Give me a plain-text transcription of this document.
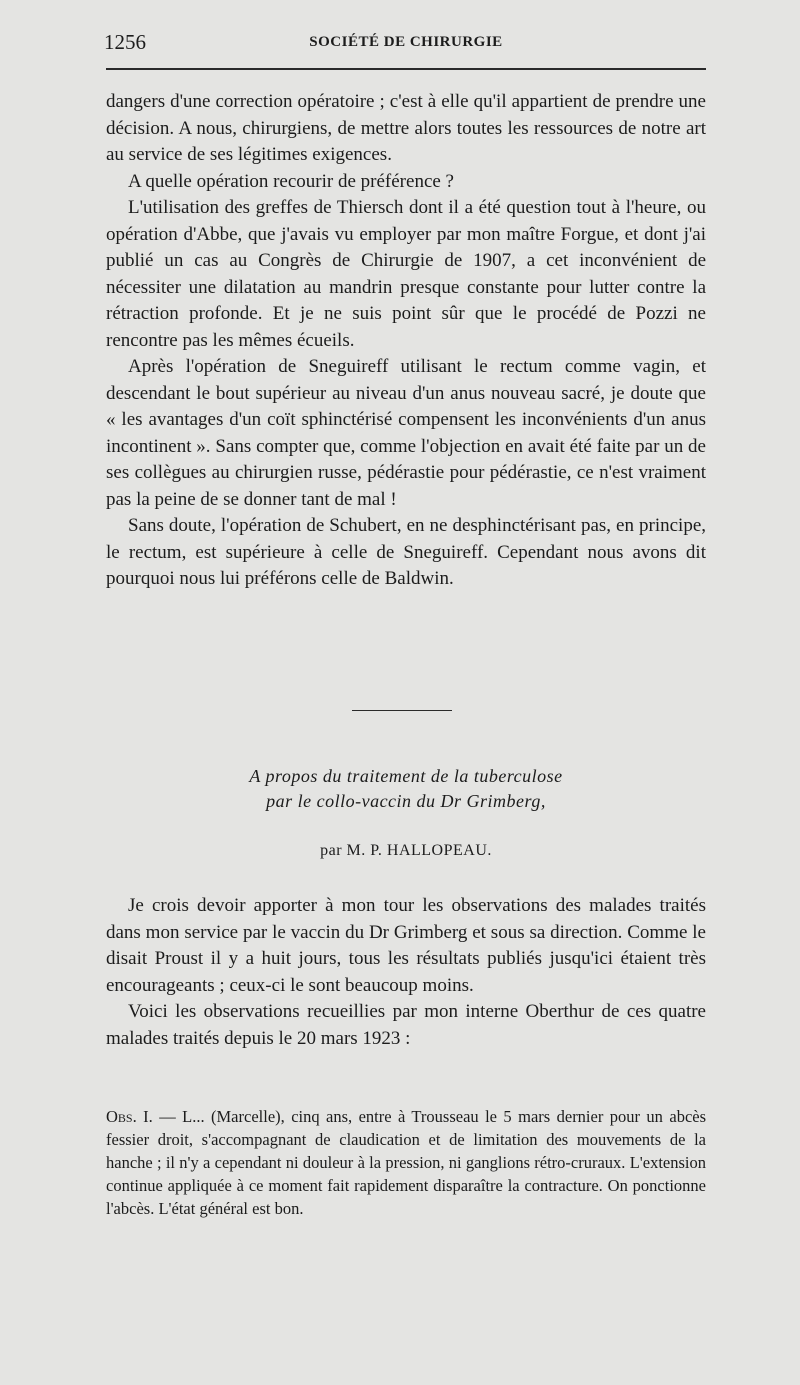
1256	SOCIÉTÉ DE CHIRURGIE

dangers d'une correction opératoire ; c'est à elle qu'il appartient de prendre une décision. A nous, chirurgiens, de mettre alors toutes les ressources de notre art au service de ses légitimes exigences.

A quelle opération recourir de préférence ?

L'utilisation des greffes de Thiersch dont il a été question tout à l'heure, ou opération d'Abbe, que j'avais vu employer par mon maître Forgue, et dont j'ai publié un cas au Congrès de Chirurgie de 1907, a cet inconvénient de nécessiter une dilatation au mandrin presque constante pour lutter contre la rétraction profonde. Et je ne suis point sûr que le procédé de Pozzi ne rencontre pas les mêmes écueils.

Après l'opération de Sneguireff utilisant le rectum comme vagin, et descendant le bout supérieur au niveau d'un anus nouveau sacré, je doute que « les avantages d'un coït sphinctérisé compensent les inconvénients d'un anus incontinent ». Sans compter que, comme l'objection en avait été faite par un de ses collègues au chirurgien russe, pédérastie pour pédérastie, ce n'est vraiment pas la peine de se donner tant de mal !

Sans doute, l'opération de Schubert, en ne desphinctérisant pas, en principe, le rectum, est supérieure à celle de Sneguireff. Cependant nous avons dit pourquoi nous lui préférons celle de Baldwin.

A propos du traitement de la tuberculose
par le collo-vaccin du Dr Grimberg,
par M. P. HALLOPEAU.

Je crois devoir apporter à mon tour les observations des malades traités dans mon service par le vaccin du Dr Grimberg et sous sa direction. Comme le disait Proust il y a huit jours, tous les résultats publiés jusqu'ici étaient très encourageants ; ceux-ci le sont beaucoup moins.

Voici les observations recueillies par mon interne Oberthur de ces quatre malades traités depuis le 20 mars 1923 :

Obs. I. — L... (Marcelle), cinq ans, entre à Trousseau le 5 mars dernier pour un abcès fessier droit, s'accompagnant de claudication et de limitation des mouvements de la hanche ; il n'y a cependant ni douleur à la pression, ni ganglions rétro-cruraux. L'extension continue appliquée à ce moment fait rapidement disparaître la contracture. On ponctionne l'abcès. L'état général est bon.
